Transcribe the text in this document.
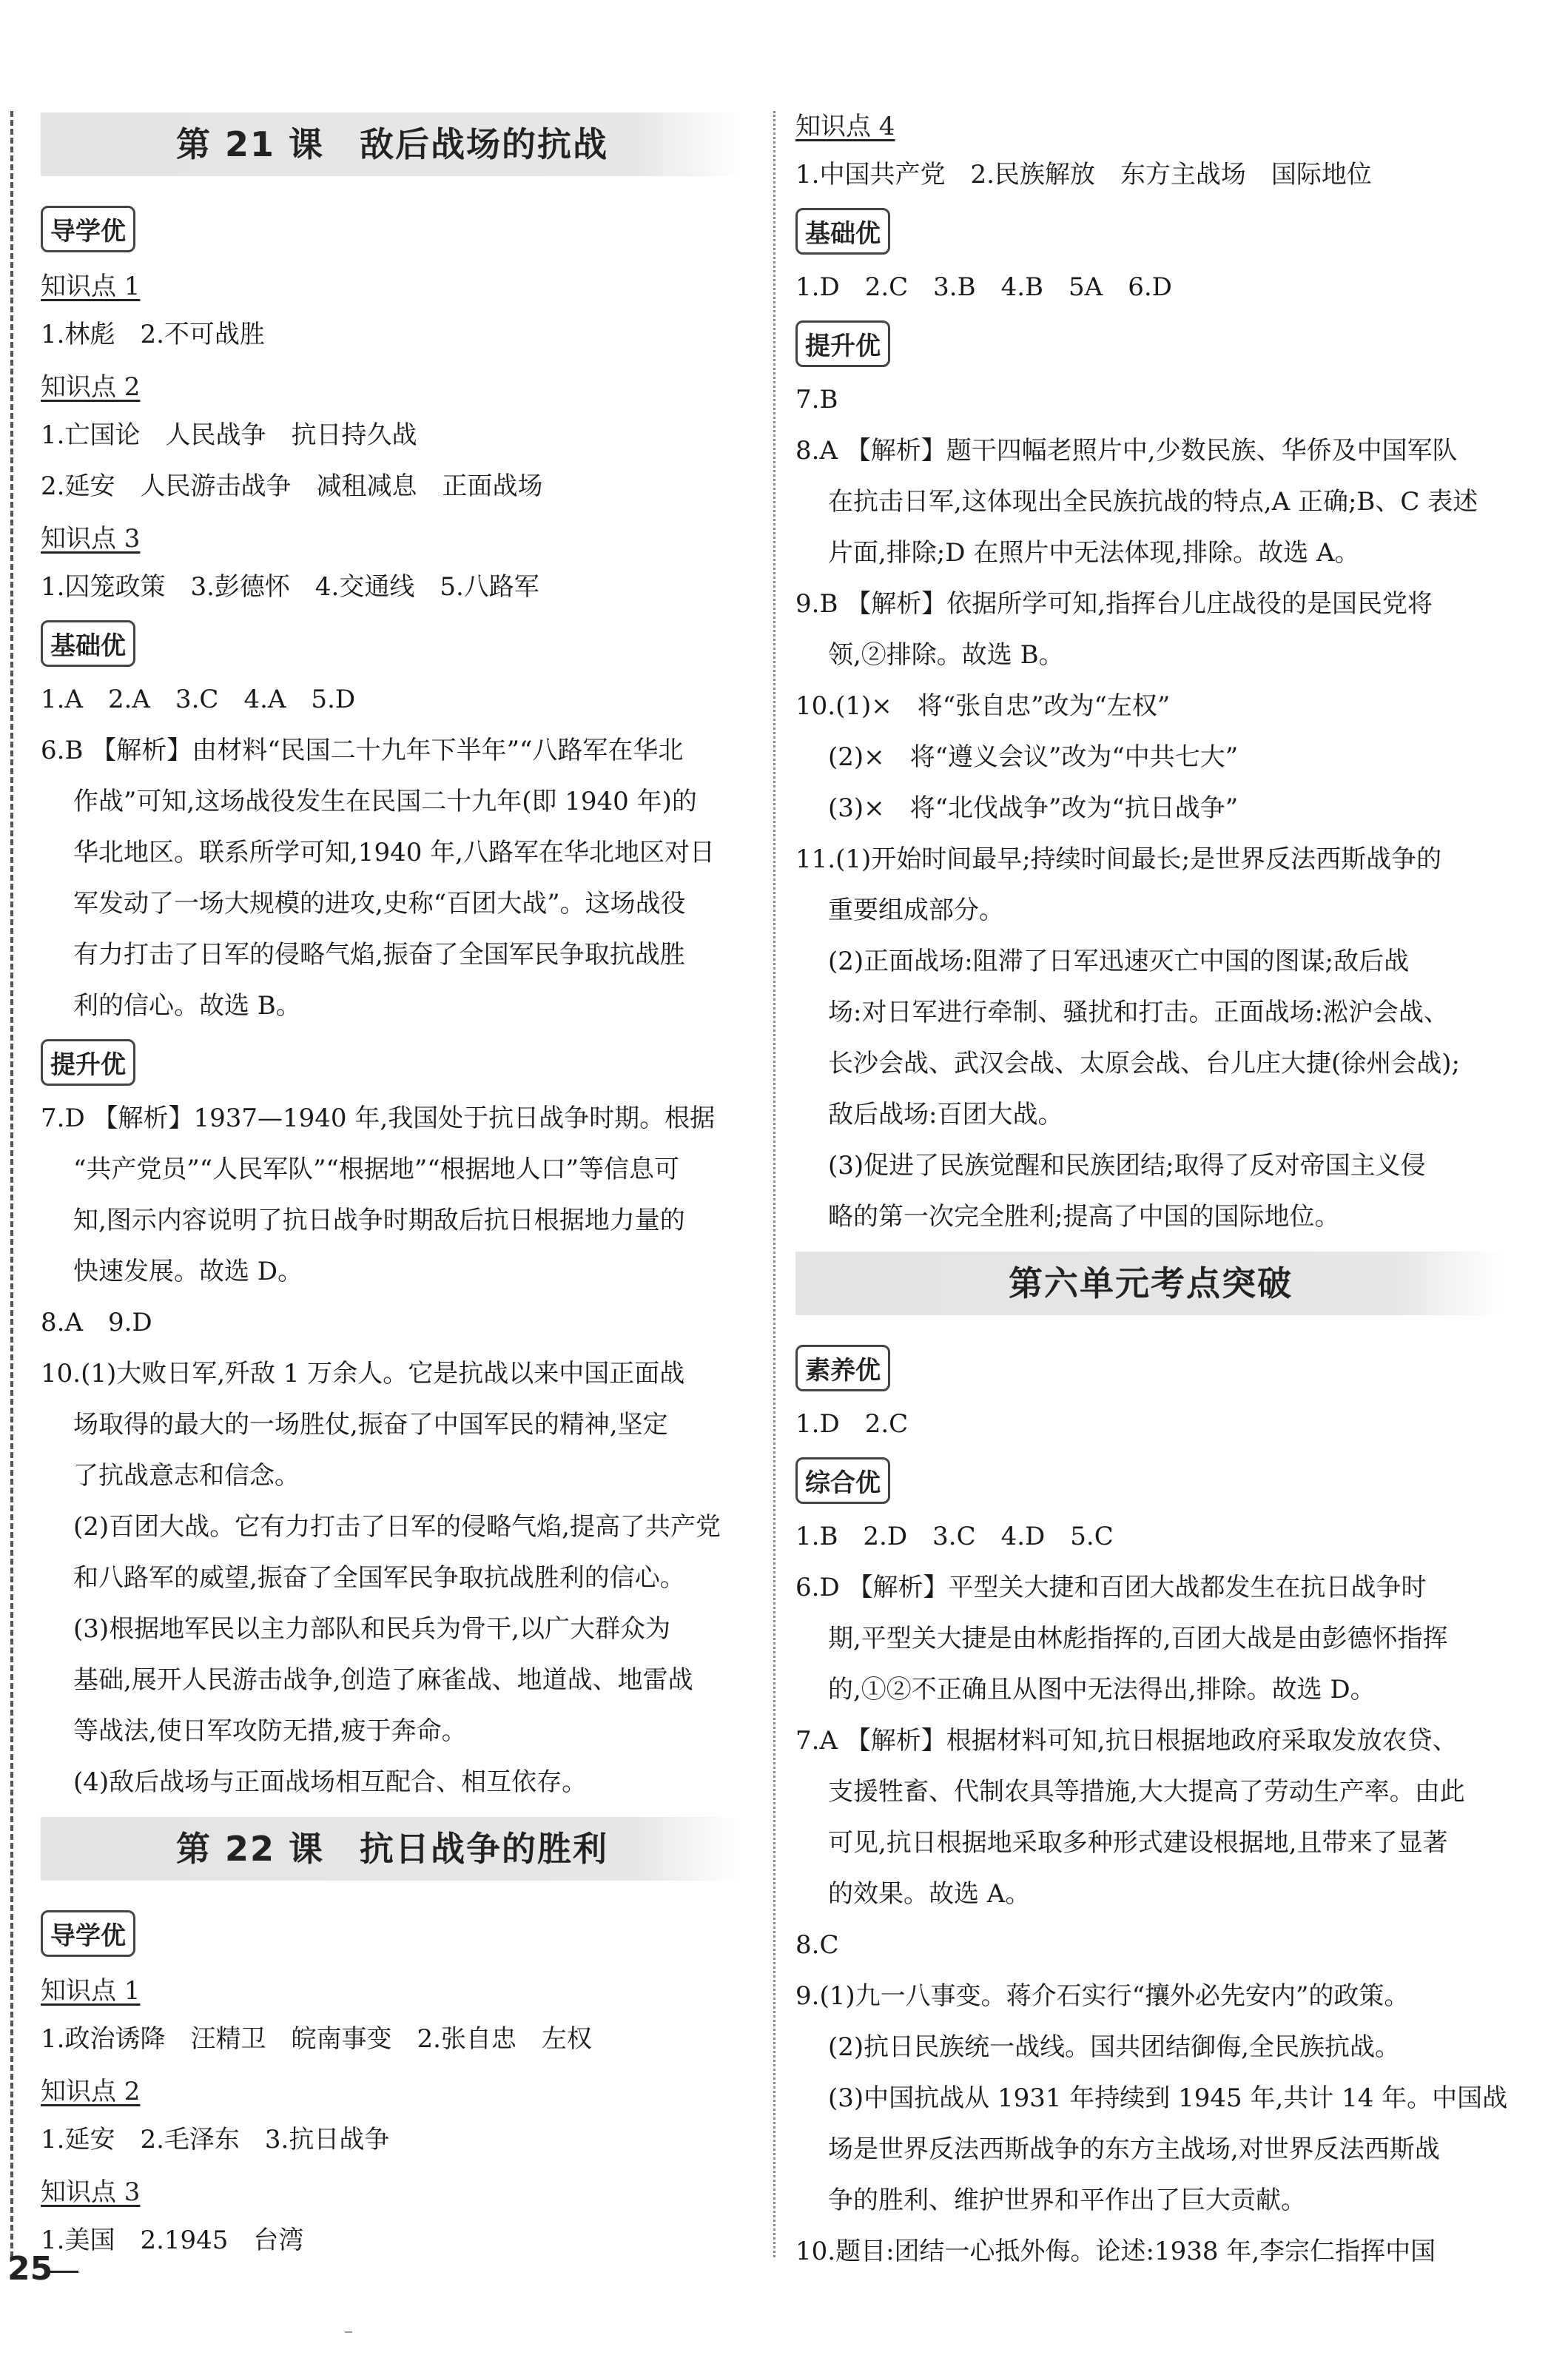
第 21 课　敌后战场的抗战
导学优
知识点 1

1.林彪　2.不可战胜

知识点 2

1.亡国论　人民战争　抗日持久战

2.延安　人民游击战争　减租减息　正面战场

知识点 3

1.囚笼政策　3.彭德怀　4.交通线　5.八路军

基础优

1.A　2.A　3.C　4.A　5.D

6.B 【解析】由材料“民国二十九年下半年”“八路军在华北

作战”可知,这场战役发生在民国二十九年(即 1940 年)的

华北地区。联系所学可知,1940 年,八路军在华北地区对日

军发动了一场大规模的进攻,史称“百团大战”。这场战役

有力打击了日军的侵略气焰,振奋了全国军民争取抗战胜

利的信心。故选 B。

提升优

7.D 【解析】1937—1940 年,我国处于抗日战争时期。根据

“共产党员”“人民军队”“根据地”“根据地人口”等信息可

知,图示内容说明了抗日战争时期敌后抗日根据地力量的

快速发展。故选 D。

8.A　9.D

10.(1)大败日军,歼敌 1 万余人。它是抗战以来中国正面战

场取得的最大的一场胜仗,振奋了中国军民的精神,坚定

了抗战意志和信念。

(2)百团大战。它有力打击了日军的侵略气焰,提高了共产党

和八路军的威望,振奋了全国军民争取抗战胜利的信心。

(3)根据地军民以主力部队和民兵为骨干,以广大群众为

基础,展开人民游击战争,创造了麻雀战、地道战、地雷战

等战法,使日军攻防无措,疲于奔命。

(4)敌后战场与正面战场相互配合、相互依存。

第 22 课　抗日战争的胜利
导学优
知识点 1

1.政治诱降　汪精卫　皖南事变　2.张自忠　左权

知识点 2

1.延安　2.毛泽东　3.抗日战争

知识点 3

1.美国　2.1945　台湾

知识点 4

1.中国共产党　2.民族解放　东方主战场　国际地位

基础优

1.D　2.C　3.B　4.B　5A　6.D

提升优

7.B

8.A 【解析】题干四幅老照片中,少数民族、华侨及中国军队

在抗击日军,这体现出全民族抗战的特点,A 正确;B、C 表述

片面,排除;D 在照片中无法体现,排除。故选 A。

9.B 【解析】依据所学可知,指挥台儿庄战役的是国民党将

领,②排除。故选 B。

10.(1)×　将“张自忠”改为“左权”

(2)×　将“遵义会议”改为“中共七大”

(3)×　将“北伐战争”改为“抗日战争”

11.(1)开始时间最早;持续时间最长;是世界反法西斯战争的

重要组成部分。

(2)正面战场:阻滞了日军迅速灭亡中国的图谋;敌后战

场:对日军进行牵制、骚扰和打击。正面战场:淞沪会战、

长沙会战、武汉会战、太原会战、台儿庄大捷(徐州会战);

敌后战场:百团大战。

(3)促进了民族觉醒和民族团结;取得了反对帝国主义侵

略的第一次完全胜利;提高了中国的国际地位。

第六单元考点突破
素养优

1.D　2.C

综合优

1.B　2.D　3.C　4.D　5.C

6.D 【解析】平型关大捷和百团大战都发生在抗日战争时

期,平型关大捷是由林彪指挥的,百团大战是由彭德怀指挥

的,①②不正确且从图中无法得出,排除。故选 D。

7.A 【解析】根据材料可知,抗日根据地政府采取发放农贷、

支援牲畜、代制农具等措施,大大提高了劳动生产率。由此

可见,抗日根据地采取多种形式建设根据地,且带来了显著

的效果。故选 A。

8.C

9.(1)九一八事变。蒋介石实行“攘外必先安内”的政策。

(2)抗日民族统一战线。国共团结御侮,全民族抗战。

(3)中国抗战从 1931 年持续到 1945 年,共计 14 年。中国战

场是世界反法西斯战争的东方主战场,对世界反法西斯战

争的胜利、维护世界和平作出了巨大贡献。

10.题目:团结一心抵外侮。论述:1938 年,李宗仁指挥中国

25
